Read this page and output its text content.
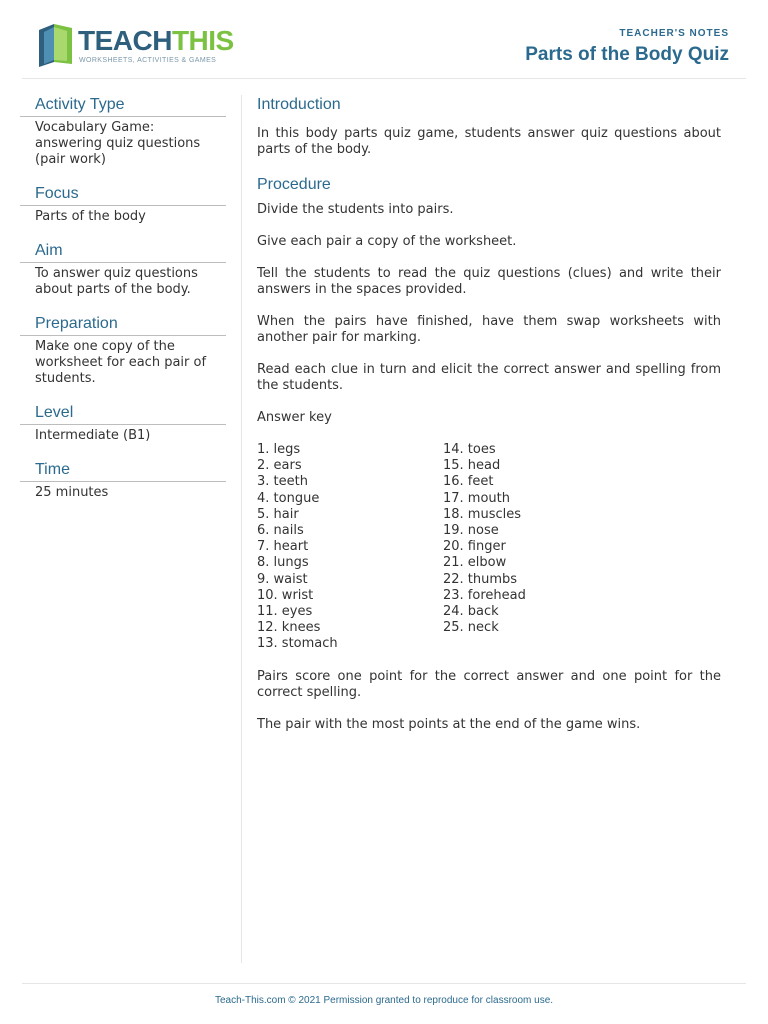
TEACHTHIS
WORKSHEETS, ACTIVITIES & GAMES
TEACHER'S NOTES
Parts of the Body Quiz
Activity Type
Vocabulary Game: answering quiz questions (pair work)
Focus
Parts of the body
Aim
To answer quiz questions about parts of the body.
Preparation
Make one copy of the worksheet for each pair of students.
Level
Intermediate (B1)
Time
25 minutes
Introduction

In this body parts quiz game, students answer quiz questions about parts of the body.

Procedure

Divide the students into pairs.

Give each pair a copy of the worksheet.

Tell the students to read the quiz questions (clues) and write their answers in the spaces provided.

When the pairs have finished, have them swap worksheets with another pair for marking.

Read each clue in turn and elicit the correct answer and spelling from the students.

Answer key

1. legs
2. ears
3. teeth
4. tongue
5. hair
6. nails
7. heart
8. lungs
9. waist
10. wrist
11. eyes
12. knees
13. stomach
14. toes
15. head
16. feet
17. mouth
18. muscles
19. nose
20. finger
21. elbow
22. thumbs
23. forehead
24. back
25. neck

Pairs score one point for the correct answer and one point for the correct spelling.

The pair with the most points at the end of the game wins.

Teach-This.com © 2021 Permission granted to reproduce for classroom use.
